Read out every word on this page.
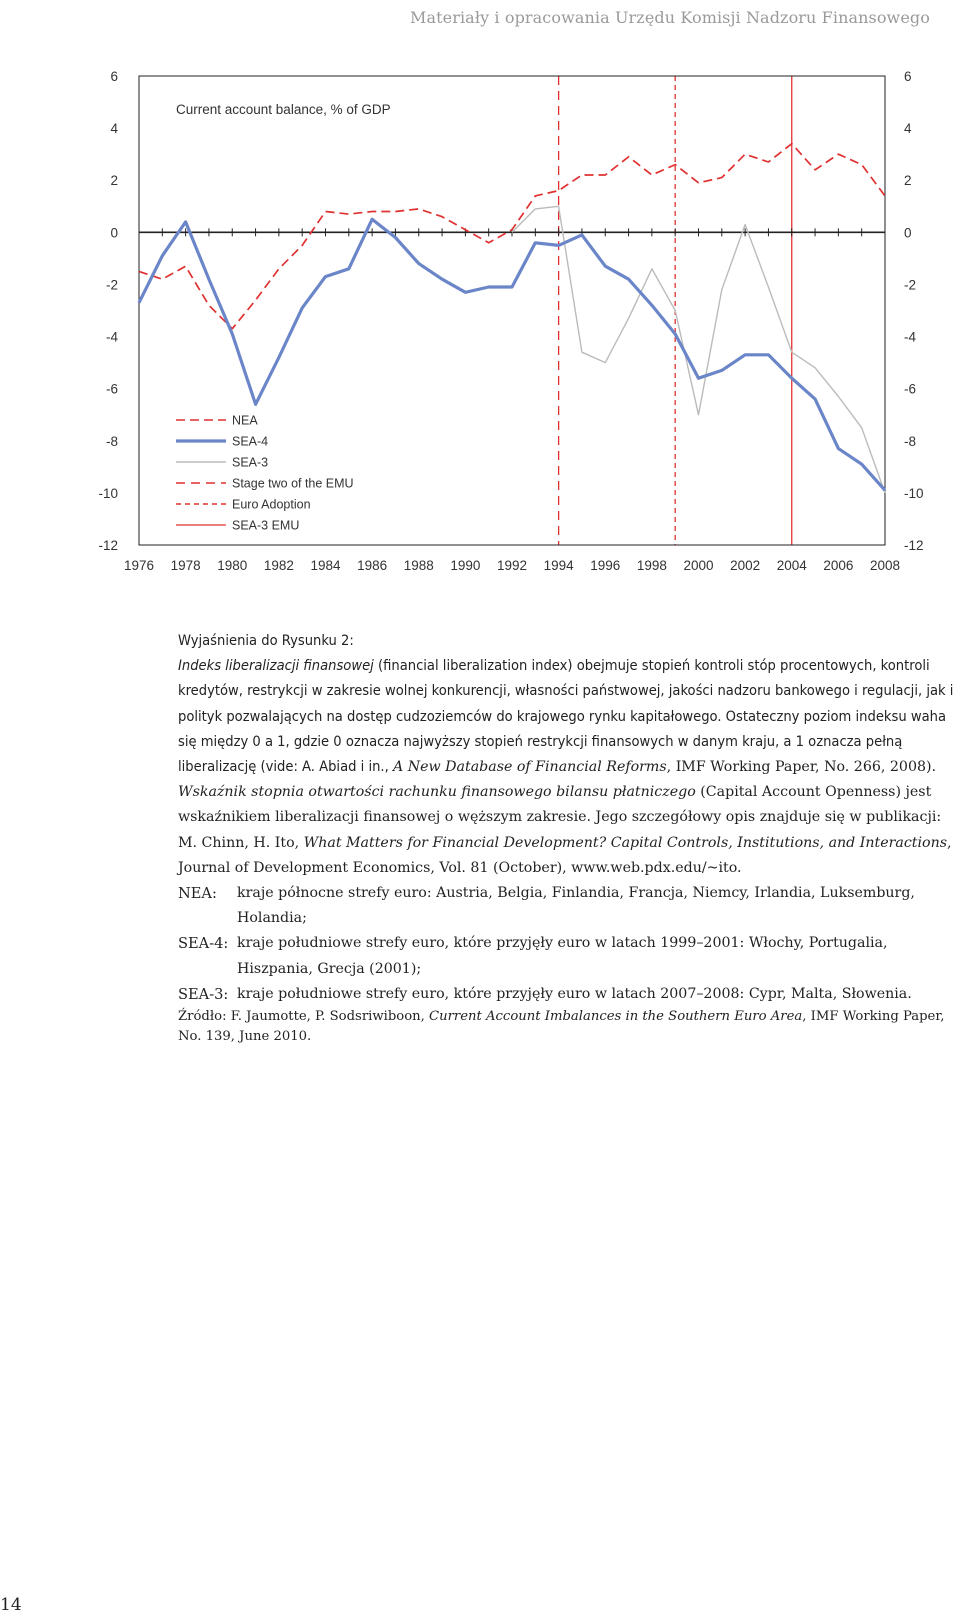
Materiały i opracowania Urzędu Komisji Nadzoru Finansowego
6
4
2
0
-2
-4
-6
-8
-10
-12
6
4
2
0
-2
-4
-6
-8
-10
-12
1976 1978 1980 1982 1984 1986 1988 1990 1992 1994 1996 1998 2000 2002 2004 2006 2008
Current account balance, % of GDP
NEA
SEA-4
SEA-3
Stage two of the EMU
Euro Adoption
SEA-3 EMU

Wyjaśnienia do Rysunku 2:

Indeks liberalizacji finansowej (financial liberalization index) obejmuje stopień kontroli stóp procentowych, kontroli kredytów, restrykcji w zakresie wolnej konkurencji, własności państwowej, jakości nadzoru bankowego i regulacji, jak i polityk pozwalających na dostęp cudzoziemców do krajowego rynku kapitałowego. Ostateczny poziom indeksu waha się między 0 a 1, gdzie 0 oznacza najwyższy stopień restrykcji finansowych w danym kraju, a 1 oznacza pełną liberalizację (vide: A. Abiad i in., A New Database of Financial Reforms, IMF Working Paper, No. 266, 2008).

Wskaźnik stopnia otwartości rachunku finansowego bilansu płatniczego (Capital Account Openness) jest wskaźnikiem liberalizacji finansowej o węższym zakresie. Jego szczegółowy opis znajduje się w publikacji: M. Chinn, H. Ito, What Matters for Financial Development? Capital Controls, Institutions, and Interactions, Journal of Development Economics, Vol. 81 (October), www.web.pdx.edu/~ito.

NEA:	kraje północne strefy euro: Austria, Belgia, Finlandia, Francja, Niemcy, Irlandia, Luksemburg, Holandia;
SEA-4: kraje południowe strefy euro, które przyjęły euro w latach 1999–2001: Włochy, Portugalia, Hiszpania, Grecja (2001);
SEA-3: kraje południowe strefy euro, które przyjęły euro w latach 2007–2008: Cypr, Malta, Słowenia.

Źródło: F. Jaumotte, P. Sodsriwiboon, Current Account Imbalances in the Southern Euro Area, IMF Working Paper, No. 139, June 2010.

14
